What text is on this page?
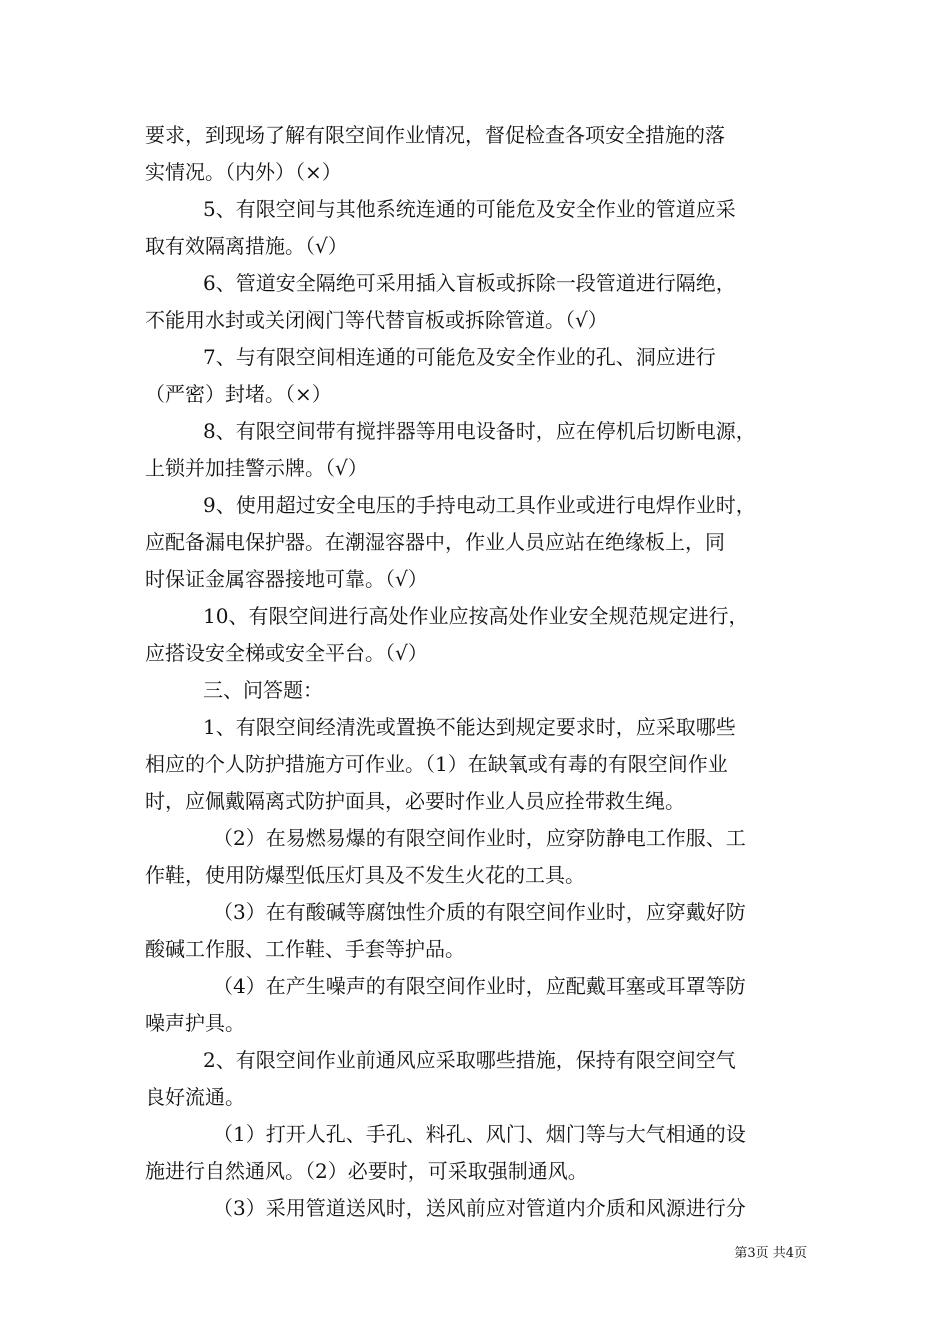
要求，到现场了解有限空间作业情况，督促检查各项安全措施的落
实情况。（内外）（×）
5、有限空间与其他系统连通的可能危及安全作业的管道应采
取有效隔离措施。（√）
6、管道安全隔绝可采用插入盲板或拆除一段管道进行隔绝，
不能用水封或关闭阀门等代替盲板或拆除管道。（√）
7、与有限空间相连通的可能危及安全作业的孔、洞应进行
（严密）封堵。（×）
8、有限空间带有搅拌器等用电设备时，应在停机后切断电源，
上锁并加挂警示牌。（√）
9、使用超过安全电压的手持电动工具作业或进行电焊作业时，
应配备漏电保护器。在潮湿容器中，作业人员应站在绝缘板上，同
时保证金属容器接地可靠。（√）
10、有限空间进行高处作业应按高处作业安全规范规定进行，
应搭设安全梯或安全平台。（√）
三、问答题：
1、有限空间经清洗或置换不能达到规定要求时，应采取哪些
相应的个人防护措施方可作业。（1）在缺氧或有毒的有限空间作业
时，应佩戴隔离式防护面具，必要时作业人员应拴带救生绳。
（2）在易燃易爆的有限空间作业时，应穿防静电工作服、工
作鞋，使用防爆型低压灯具及不发生火花的工具。
（3）在有酸碱等腐蚀性介质的有限空间作业时，应穿戴好防
酸碱工作服、工作鞋、手套等护品。
（4）在产生噪声的有限空间作业时，应配戴耳塞或耳罩等防
噪声护具。
2、有限空间作业前通风应采取哪些措施，保持有限空间空气
良好流通。
（1）打开人孔、手孔、料孔、风门、烟门等与大气相通的设
施进行自然通风。（2）必要时，可采取强制通风。
（3）采用管道送风时，送风前应对管道内介质和风源进行分
第3页 共4页
